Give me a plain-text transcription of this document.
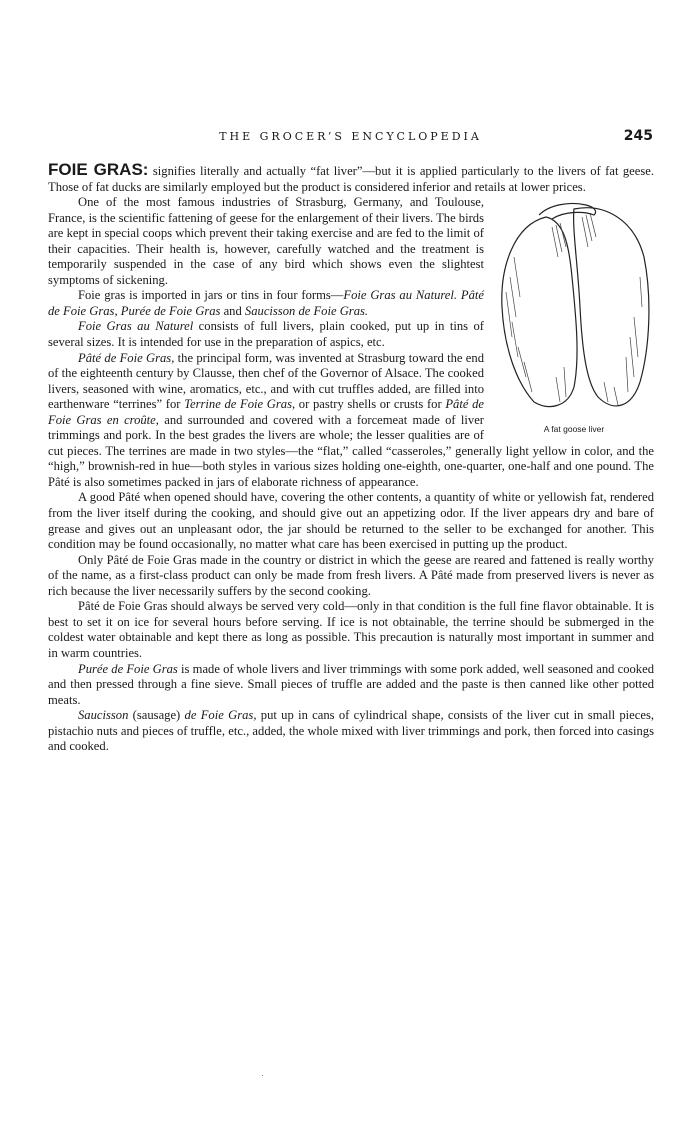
THE GROCER’S ENCYCLOPEDIA	245

FOIE GRAS: signifies literally and actually “fat liver”—but it is applied particularly to the livers of fat geese. Those of fat ducks are similarly employed but the product is considered inferior and retails at lower prices.

A fat goose liver

One of the most famous industries of Strasburg, Germany, and Toulouse, France, is the scientific fattening of geese for the enlargement of their livers. The birds are kept in special coops which prevent their taking exercise and are fed to the limit of their capacities. Their health is, however, carefully watched and the treatment is temporarily suspended in the case of any bird which shows even the slightest symptoms of sickening.

Foie gras is imported in jars or tins in four forms—Foie Gras au Naturel. Pâté de Foie Gras, Purée de Foie Gras and Saucisson de Foie Gras.

Foie Gras au Naturel consists of full livers, plain cooked, put up in tins of several sizes. It is intended for use in the preparation of aspics, etc.

Pâté de Foie Gras, the principal form, was invented at Strasburg toward the end of the eighteenth century by Clausse, then chef of the Governor of Alsace. The cooked livers, seasoned with wine, aromatics, etc., and with cut truffles added, are filled into earthenware “terrines” for Terrine de Foie Gras, or pastry shells or crusts for Pâté de Foie Gras en croûte, and surrounded and covered with a forcemeat made of liver trimmings and pork. In the best grades the livers are whole; the lesser qualities are of cut pieces. The terrines are made in two styles—the “flat,” called “casseroles,” generally light yellow in color, and the “high,” brownish-red in hue—both styles in various sizes holding one-eighth, one-quarter, one-half and one pound. The Pâté is also sometimes packed in jars of elaborate richness of appearance.

A good Pâté when opened should have, covering the other contents, a quantity of white or yellowish fat, rendered from the liver itself during the cooking, and should give out an appetizing odor. If the liver appears dry and bare of grease and gives out an unpleasant odor, the jar should be returned to the seller to be exchanged for another. This condition may be found occasionally, no matter what care has been exercised in putting up the product.

Only Pâté de Foie Gras made in the country or district in which the geese are reared and fattened is really worthy of the name, as a first-class product can only be made from fresh livers. A Pâté made from preserved livers is never as rich because the liver necessarily suffers by the second cooking.

Pâté de Foie Gras should always be served very cold—only in that condition is the full fine flavor obtainable. It is best to set it on ice for several hours before serving. If ice is not obtainable, the terrine should be submerged in the coldest water obtainable and kept there as long as possible. This precaution is naturally most important in summer and in warm countries.

Purée de Foie Gras is made of whole livers and liver trimmings with some pork added, well seasoned and cooked and then pressed through a fine sieve. Small pieces of truffle are added and the paste is then canned like other potted meats.

Saucisson (sausage) de Foie Gras, put up in cans of cylindrical shape, consists of the liver cut in small pieces, pistachio nuts and pieces of truffle, etc., added, the whole mixed with liver trimmings and pork, then forced into casings and cooked.
